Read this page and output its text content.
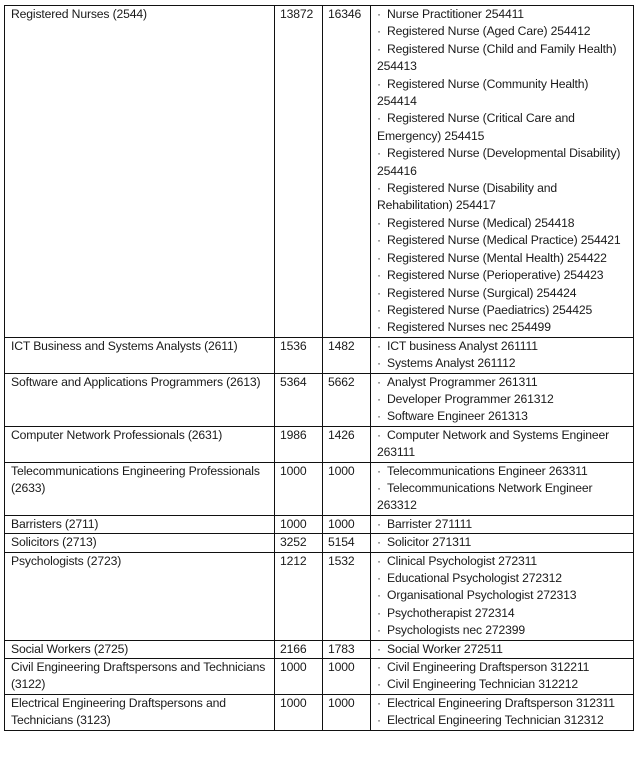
Registered Nurses (2544)	13872	16346	· Nurse Practitioner 254411
· Registered Nurse (Aged Care) 254412
· Registered Nurse (Child and Family Health) 254413
· Registered Nurse (Community Health) 254414
· Registered Nurse (Critical Care and Emergency) 254415
· Registered Nurse (Developmental Disability) 254416
· Registered Nurse (Disability and Rehabilitation) 254417
· Registered Nurse (Medical) 254418
· Registered Nurse (Medical Practice) 254421
· Registered Nurse (Mental Health) 254422
· Registered Nurse (Perioperative) 254423
· Registered Nurse (Surgical) 254424
· Registered Nurse (Paediatrics) 254425
· Registered Nurses nec 254499

ICT Business and Systems Analysts (2611)	1536	1482	· ICT business Analyst 261111
· Systems Analyst 261112

Software and Applications Programmers (2613)	5364	5662	· Analyst Programmer 261311
· Developer Programmer 261312
· Software Engineer 261313

Computer Network Professionals (2631)	1986	1426	· Computer Network and Systems Engineer 263111

Telecommunications Engineering Professionals (2633)	1000	1000	· Telecommunications Engineer 263311
· Telecommunications Network Engineer 263312

Barristers (2711)	1000	1000	· Barrister 271111

Solicitors (2713)	3252	5154	· Solicitor 271311

Psychologists (2723)	1212	1532	· Clinical Psychologist 272311
· Educational Psychologist 272312
· Organisational Psychologist 272313
· Psychotherapist 272314
· Psychologists nec 272399

Social Workers (2725)	2166	1783	· Social Worker 272511

Civil Engineering Draftspersons and Technicians (3122)	1000	1000	· Civil Engineering Draftsperson 312211
· Civil Engineering Technician 312212

Electrical Engineering Draftspersons and Technicians (3123)	1000	1000	· Electrical Engineering Draftsperson 312311
· Electrical Engineering Technician 312312
